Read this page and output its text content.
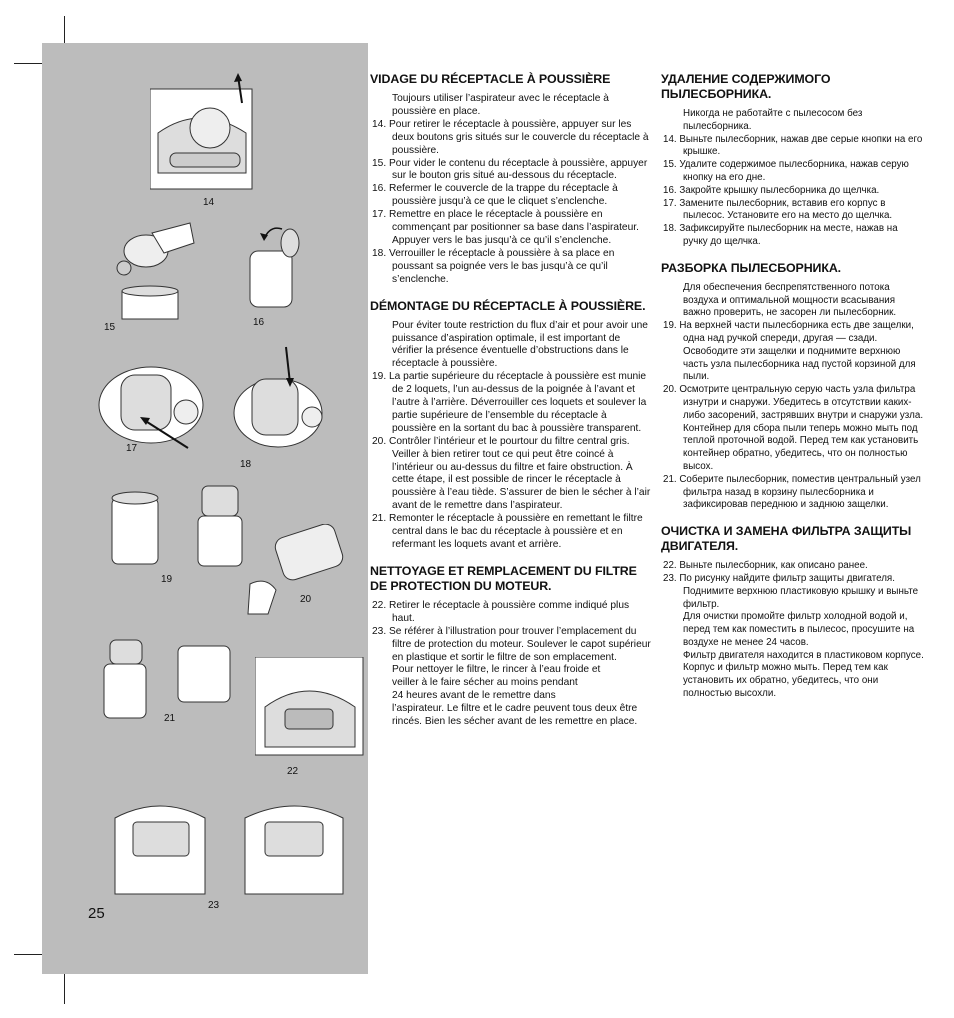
14
15	16
17
18
19
20
21
22
23
25
VIDAGE DU RÉCEPTACLE À POUSSIÈRE

Toujours utiliser l’aspirateur avec le réceptacle à poussière en place.

14. Pour retirer le réceptacle à poussière, appuyer sur les deux boutons gris situés sur le couvercle du réceptacle à poussière.

15. Pour vider le contenu du réceptacle à poussière, appuyer sur le bouton gris situé au-dessous du réceptacle.

16. Refermer le couvercle de la trappe du réceptacle à poussière jusqu’à ce que le cliquet s’enclenche.

17. Remettre en place le réceptacle à poussière en commençant par positionner sa base dans l’aspirateur. Appuyer vers le bas jusqu’à ce qu’il s’enclenche.

18. Verrouiller le réceptacle à poussière à sa place en poussant sa poignée vers le bas jusqu’à ce qu’il s’enclenche.

DÉMONTAGE DU RÉCEPTACLE À POUSSIÈRE.

Pour éviter toute restriction du flux d’air et pour avoir une puissance d’aspiration optimale, il est important de vérifier la présence éventuelle d’obstructions dans le réceptacle à poussière.

19. La partie supérieure du réceptacle à poussière est munie de 2 loquets, l’un au-dessus de la poignée à l’avant et l’autre à l’arrière. Déverrouiller ces loquets et soulever la partie supérieure de l’ensemble du réceptacle à poussière en la sortant du bac à poussière transparent.

20. Contrôler l’intérieur et le pourtour du filtre central gris. Veiller à bien retirer tout ce qui peut être coincé à l’intérieur ou au-dessus du filtre et faire obstruction. À cette étape, il est possible de rincer le réceptacle à poussière à l’eau tiède. S’assurer de bien le sécher à l’air avant de le remettre dans l’aspirateur.

21. Remonter le réceptacle à poussière en remettant le filtre central dans le bac du réceptacle à poussière et en refermant les loquets avant et arrière.

NETTOYAGE ET REMPLACEMENT DU FILTRE DE PROTECTION DU MOTEUR.

22. Retirer le réceptacle à poussière comme indiqué plus haut.

23. Se référer à l’illustration pour trouver l’emplacement du filtre de protection du moteur. Soulever le capot supérieur en plastique et sortir le filtre de son emplacement.

Pour nettoyer le filtre, le rincer à l’eau froide et

veiller à le faire sécher au moins pendant

24 heures avant de le remettre dans

l’aspirateur. Le filtre et le cadre peuvent tous deux être rincés. Bien les sécher avant de les remettre en place.

УДАЛЕНИЕ СОДЕРЖИМОГО ПЫЛЕСБОРНИКА.

Никогда не работайте с пылесосом без пылесборника.

14. Выньте пылесборник, нажав две серые кнопки на его крышке.

15. Удалите содержимое пылесборника, нажав серую кнопку на его дне.

16. Закройте крышку пылесборника до щелчка.

17. Замените пылесборник, вставив его корпус в пылесос. Установите его на место до щелчка.

18. Зафиксируйте пылесборник на месте, нажав на ручку до щелчка.

РАЗБОРКА ПЫЛЕСБОРНИКА.

Для обеспечения беспрепятственного потока воздуха и оптимальной мощности всасывания важно проверить, не засорен ли пылесборник.

19. На верхней части пылесборника есть две защелки, одна над ручкой спереди, другая — сзади. Освободите эти защелки и поднимите верхнюю часть узла пылесборника над пустой корзиной для пыли.

20. Осмотрите центральную серую часть узла фильтра изнутри и снаружи. Убедитесь в отсутствии каких-либо засорений, застрявших внутри и снаружи узла. Контейнер для сбора пыли теперь можно мыть под теплой проточной водой. Перед тем как установить контейнер обратно, убедитесь, что он полностью высох.

21. Соберите пылесборник, поместив центральный узел фильтра назад в корзину пылесборника и зафиксировав переднюю и заднюю защелки.

ОЧИСТКА И ЗАМЕНА ФИЛЬТРА ЗАЩИТЫ ДВИГАТЕЛЯ.

22. Выньте пылесборник, как описано ранее.

23. По рисунку найдите фильтр защиты двигателя. Поднимите верхнюю пластиковую крышку и выньте фильтр.

Для очистки промойте фильтр холодной водой и, перед тем как поместить в пылесос, просушите на воздухе не менее 24 часов.

Фильтр двигателя находится в пластиковом корпусе. Корпус и фильтр можно мыть. Перед тем как установить их обратно, убедитесь, что они полностью высохли.
